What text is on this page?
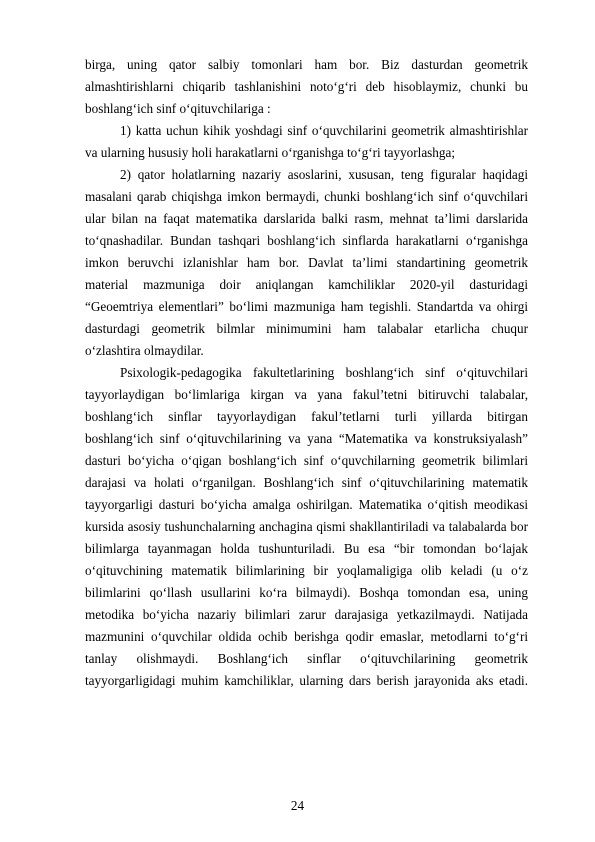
birga, uning qator salbiy tomonlari ham bor. Biz dasturdan geometrik
almashtirishlarni chiqarib tashlanishini noto‘g‘ri deb hisoblaymiz, chunki bu
boshlang‘ich sinf o‘qituvchilariga :
1) katta uchun kihik yoshdagi sinf o‘quvchilarini geometrik almashtirishlar
va ularning hususiy holi harakatlarni o‘rganishga to‘g‘ri tayyorlashga;
2) qator holatlarning nazariy asoslarini, xususan, teng figuralar haqidagi
masalani qarab chiqishga imkon bermaydi, chunki boshlang‘ich sinf o‘quvchilari
ular bilan na faqat matematika darslarida balki rasm, mehnat ta’limi darslarida
to‘qnashadilar. Bundan tashqari boshlang‘ich sinflarda harakatlarni o‘rganishga
imkon beruvchi izlanishlar ham bor. Davlat ta’limi standartining geometrik
material mazmuniga doir aniqlangan kamchiliklar 2020-yil dasturidagi
“Geoemtriya elementlari” bo‘limi mazmuniga ham tegishli. Standartda va ohirgi
dasturdagi geometrik bilmlar minimumini ham talabalar etarlicha chuqur
o‘zlashtira olmaydilar.
Psixologik-pedagogika fakultetlarining boshlang‘ich sinf o‘qituvchilari
tayyorlaydigan bo‘limlariga kirgan va yana fakul’tetni bitiruvchi talabalar,
boshlang‘ich sinflar tayyorlaydigan fakul’tetlarni turli yillarda bitirgan
boshlang‘ich sinf o‘qituvchilarining va yana “Matematika va konstruksiyalash”
dasturi bo‘yicha o‘qigan boshlang‘ich sinf o‘quvchilarning geometrik bilimlari
darajasi va holati o‘rganilgan. Boshlang‘ich sinf o‘qituvchilarining matematik
tayyorgarligi dasturi bo‘yicha amalga oshirilgan. Matematika o‘qitish meodikasi
kursida asosiy tushunchalarning anchagina qismi shakllantiriladi va talabalarda bor
bilimlarga tayanmagan holda tushunturiladi. Bu esa “bir tomondan bo‘lajak
o‘qituvchining matematik bilimlarining bir yoqlamaligiga olib keladi (u o‘z
bilimlarini qo‘llash usullarini ko‘ra bilmaydi). Boshqa tomondan esa, uning
metodika bo‘yicha nazariy bilimlari zarur darajasiga yetkazilmaydi. Natijada
mazmunini o‘quvchilar oldida ochib berishga qodir emaslar, metodlarni to‘g‘ri
tanlay olishmaydi. Boshlang‘ich sinflar o‘qituvchilarining geometrik
tayyorgarligidagi muhim kamchiliklar, ularning dars berish jarayonida aks etadi.
24
